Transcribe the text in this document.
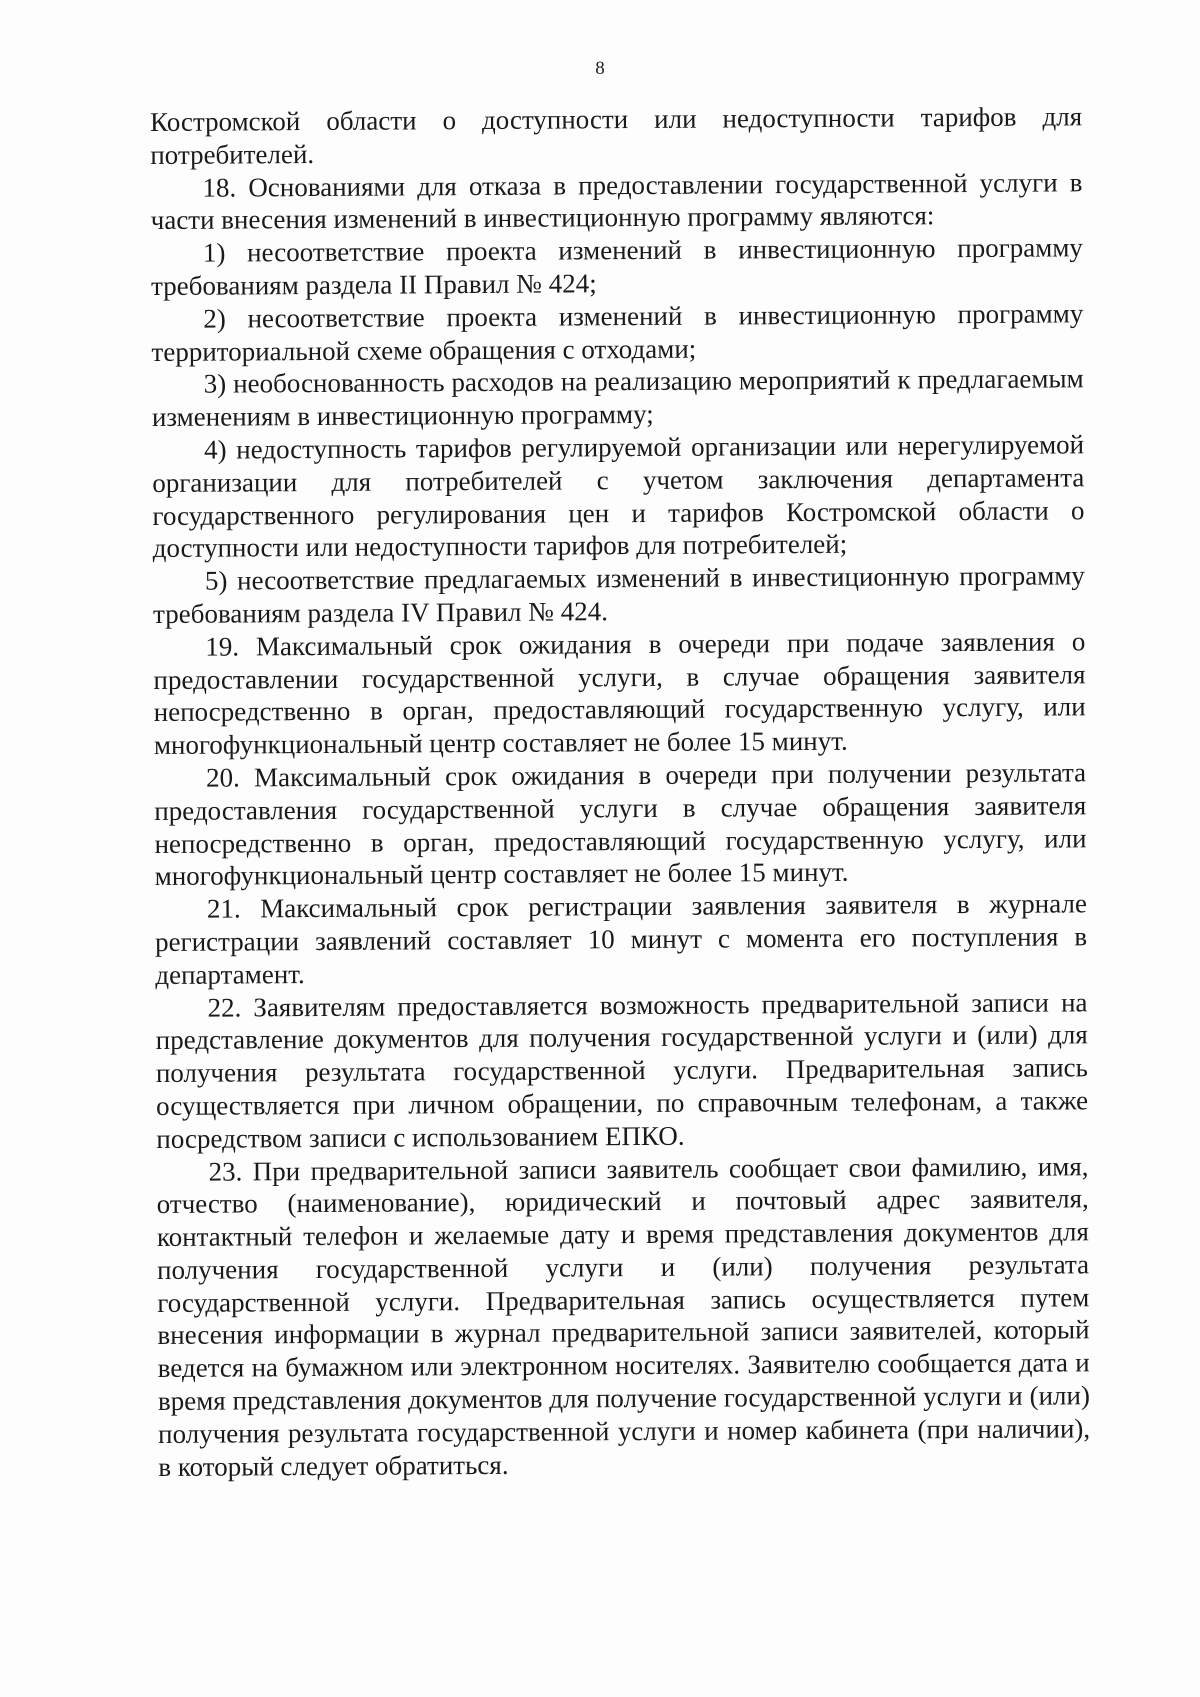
8

Костромской области о доступности или недоступности тарифов для потребителей.

18. Основаниями для отказа в предоставлении государственной услуги в части внесения изменений в инвестиционную программу являются:

1) несоответствие проекта изменений в инвестиционную программу требованиям раздела II Правил № 424;

2) несоответствие проекта изменений в инвестиционную программу территориальной схеме обращения с отходами;

3) необоснованность расходов на реализацию мероприятий к предлагаемым изменениям в инвестиционную программу;

4) недоступность тарифов регулируемой организации или нерегулируемой организации для потребителей с учетом заключения департамента государственного регулирования цен и тарифов Костромской области о доступности или недоступности тарифов для потребителей;

5) несоответствие предлагаемых изменений в инвестиционную программу требованиям раздела IV Правил № 424.

19. Максимальный срок ожидания в очереди при подаче заявления о предоставлении государственной услуги, в случае обращения заявителя непосредственно в орган, предоставляющий государственную услугу, или многофункциональный центр составляет не более 15 минут.

20. Максимальный срок ожидания в очереди при получении результата предоставления государственной услуги в случае обращения заявителя непосредственно в орган, предоставляющий государственную услугу, или многофункциональный центр составляет не более 15 минут.

21. Максимальный срок регистрации заявления заявителя в журнале регистрации заявлений составляет 10 минут с момента его поступления в департамент.

22. Заявителям предоставляется возможность предварительной записи на представление документов для получения государственной услуги и (или) для получения результата государственной услуги. Предварительная запись осуществляется при личном обращении, по справочным телефонам, а также посредством записи с использованием ЕПКО.

23. При предварительной записи заявитель сообщает свои фамилию, имя, отчество (наименование), юридический и почтовый адрес заявителя, контактный телефон и желаемые дату и время представления документов для получения государственной услуги и (или) получения результата государственной услуги. Предварительная запись осуществляется путем внесения информации в журнал предварительной записи заявителей, который ведется на бумажном или электронном носителях. Заявителю сообщается дата и время представления документов для получение государственной услуги и (или) получения результата государственной услуги и номер кабинета (при наличии), в который следует обратиться.
